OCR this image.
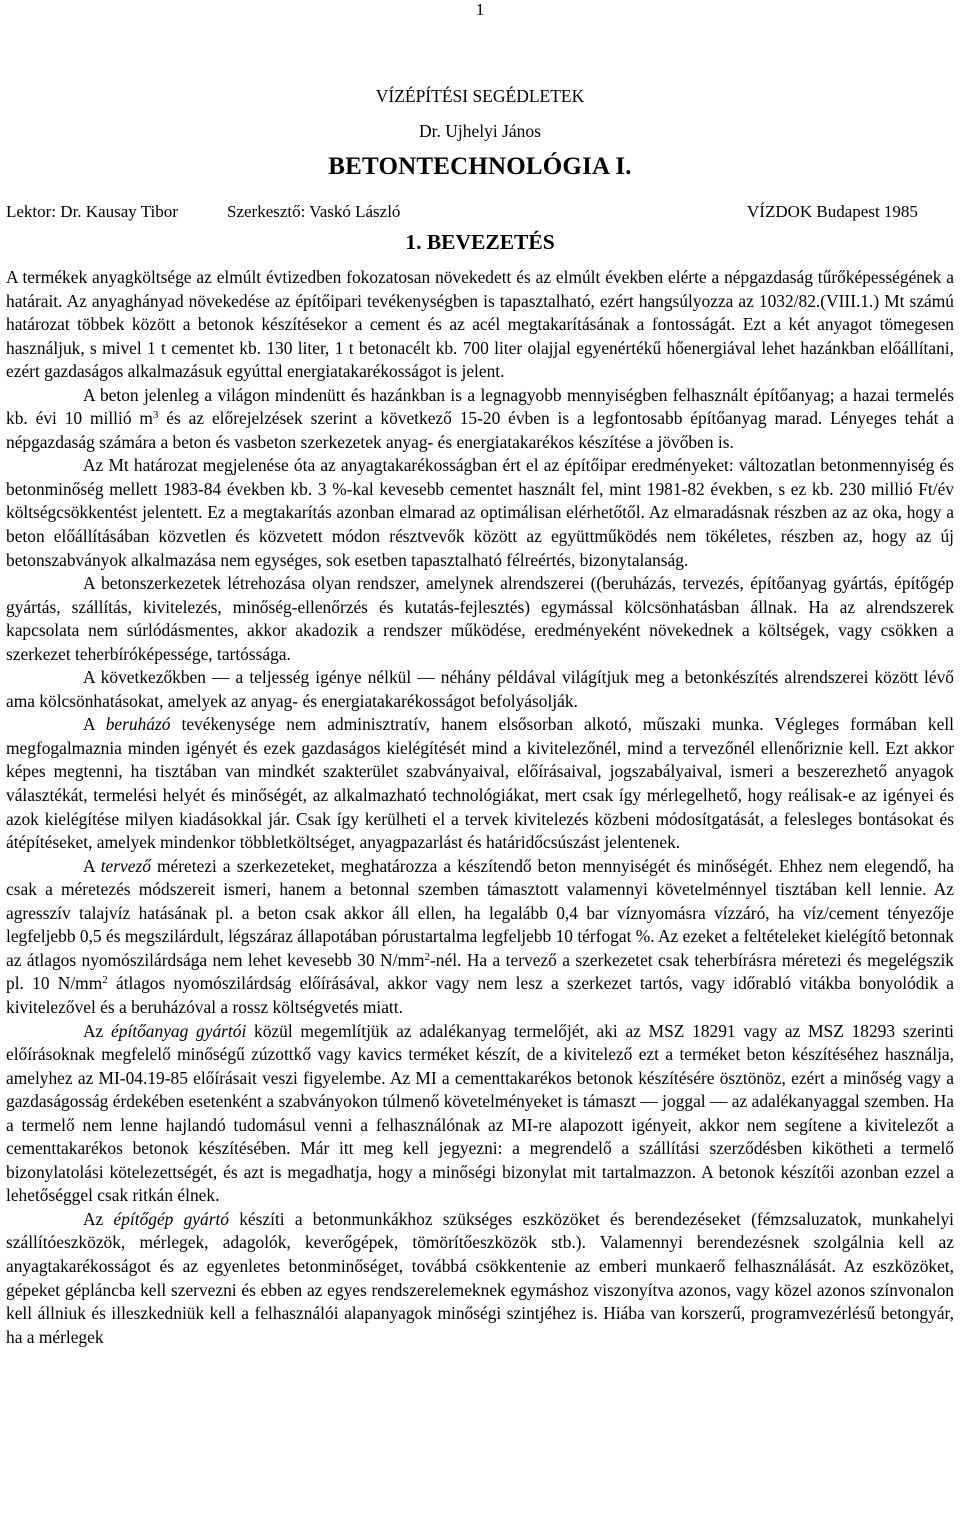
1
VÍZÉPÍTÉSI SEGÉDLETEK
Dr. Ujhelyi János
BETONTECHNOLÓGIA I.
Lektor: Dr. Kausay Tibor	Szerkesztő: Vaskó László	VÍZDOK Budapest 1985
1. BEVEZETÉS

A termékek anyagköltsége az elmúlt évtizedben fokozatosan növekedett és az elmúlt években elérte a népgazdaság tűrőképességének a határait. Az anyaghányad növekedése az építőipari tevékenységben is tapasztalható, ezért hangsúlyozza az 1032/82.(VIII.1.) Mt számú határozat többek között a betonok készítésekor a cement és az acél megtakarításának a fontosságát. Ezt a két anyagot tömegesen használjuk, s mivel 1 t cementet kb. 130 liter, 1 t betonacélt kb. 700 liter olajjal egyenértékű hőenergiával lehet hazánkban előállítani, ezért gazdaságos alkalmazásuk egyúttal energiatakarékosságot is jelent.

A beton jelenleg a világon mindenütt és hazánkban is a legnagyobb mennyiségben felhasznált építőanyag; a hazai termelés kb. évi 10 millió $m^3$ és az előrejelzések szerint a következő 15-20 évben is a legfontosabb építőanyag marad. Lényeges tehát a népgazdaság számára a beton és vasbeton szerkezetek anyag- és energiatakarékos készítése a jövőben is.

Az Mt határozat megjelenése óta az anyagtakarékosságban ért el az építőipar eredményeket: változatlan betonmennyiség és betonminőség mellett 1983-84 években kb. 3 %-kal kevesebb cementet használt fel, mint 1981-82 években, s ez kb. 230 millió Ft/év költségcsökkentést jelentett. Ez a megtakarítás azonban elmarad az optimálisan elérhetőtől. Az elmaradásnak részben az az oka, hogy a beton előállításában közvetlen és közvetett módon résztvevők között az együttműködés nem tökéletes, részben az, hogy az új betonszabványok alkalmazása nem egységes, sok esetben tapasztalható félreértés, bizonytalanság.

A betonszerkezetek létrehozása olyan rendszer, amelynek alrendszerei ((beruházás, tervezés, építőanyag gyártás, építőgép gyártás, szállítás, kivitelezés, minőség-ellenőrzés és kutatás-fejlesztés) egymással kölcsönhatásban állnak. Ha az alrendszerek kapcsolata nem súrlódásmentes, akkor akadozik a rendszer működése, eredményeként növekednek a költségek, vagy csökken a szerkezet teherbíróképessége, tartóssága.

A következőkben — a teljesség igénye nélkül — néhány példával világítjuk meg a betonkészítés alrendszerei között lévő ama kölcsönhatásokat, amelyek az anyag- és energiatakarékosságot befolyásolják.

A beruházó tevékenysége nem adminisztratív, hanem elsősorban alkotó, műszaki munka. Végleges formában kell megfogalmaznia minden igényét és ezek gazdaságos kielégítését mind a kivitelezőnél, mind a tervezőnél ellenőriznie kell. Ezt akkor képes megtenni, ha tisztában van mindkét szakterület szabványaival, előírásaival, jogszabályaival, ismeri a beszerezhető anyagok választékát, termelési helyét és minőségét, az alkalmazható technológiákat, mert csak így mérlegelhető, hogy reálisak-e az igényei és azok kielégítése milyen kiadásokkal jár. Csak így kerülheti el a tervek kivitelezés közbeni módosítgatását, a felesleges bontásokat és átépítéseket, amelyek mindenkor többletköltséget, anyagpazarlást és határidőcsúszást jelentenek.

A tervező méretezi a szerkezeteket, meghatározza a készítendő beton mennyiségét és minőségét. Ehhez nem elegendő, ha csak a méretezés módszereit ismeri, hanem a betonnal szemben támasztott valamennyi követelménnyel tisztában kell lennie. Az agresszív talajvíz hatásának pl. a beton csak akkor áll ellen, ha legalább 0,4 bar víznyomásra vízzáró, ha víz/cement tényezője legfeljebb 0,5 és megszilárdult, légszáraz állapotában pórustartalma legfeljebb 10 térfogat %. Az ezeket a feltételeket kielégítő betonnak az átlagos nyomószilárdsága nem lehet kevesebb 30 $N/mm^2$-nél. Ha a tervező a szerkezetet csak teherbírásra méretezi és megelégszik pl. 10 $N/mm^2$ átlagos nyomószilárdság előírásával, akkor vagy nem lesz a szerkezet tartós, vagy időrabló vitákba bonyolódik a kivitelezővel és a beruházóval a rossz költségvetés miatt.

Az építőanyag gyártói közül megemlítjük az adalékanyag termelőjét, aki az MSZ 18291 vagy az MSZ 18293 szerinti előírásoknak megfelelő minőségű zúzottkő vagy kavics terméket készít, de a kivitelező ezt a terméket beton készítéséhez használja, amelyhez az MI-04.19-85 előírásait veszi figyelembe. Az MI a cementtakarékos betonok készítésére ösztönöz, ezért a minőség vagy a gazdaságosság érdekében esetenként a szabványokon túlmenő követelményeket is támaszt — joggal — az adalékanyaggal szemben. Ha a termelő nem lenne hajlandó tudomásul venni a felhasználónak az MI-re alapozott igényeit, akkor nem segítene a kivitelezőt a cementtakarékos betonok készítésében. Már itt meg kell jegyezni: a megrendelő a szállítási szerződésben kikötheti a termelő bizonylatolási kötelezettségét, és azt is megadhatja, hogy a minőségi bizonylat mit tartalmazzon. A betonok készítői azonban ezzel a lehetőséggel csak ritkán élnek.

Az építőgép gyártó készíti a betonmunkákhoz szükséges eszközöket és berendezéseket (fémzsaluzatok, munkahelyi szállítóeszközök, mérlegek, adagolók, keverőgépek, tömörítőeszközök stb.). Valamennyi berendezésnek szolgálnia kell az anyagtakarékosságot és az egyenletes betonminőséget, továbbá csökkentenie az emberi munkaerő felhasználását. Az eszközöket, gépeket gépláncba kell szervezni és ebben az egyes rendszerelemeknek egymáshoz viszonyítva azonos, vagy közel azonos színvonalon kell állniuk és illeszkedniük kell a felhasználói alapanyagok minőségi szintjéhez is. Hiába van korszerű, programvezérlésű betongyár, ha a mérlegek
